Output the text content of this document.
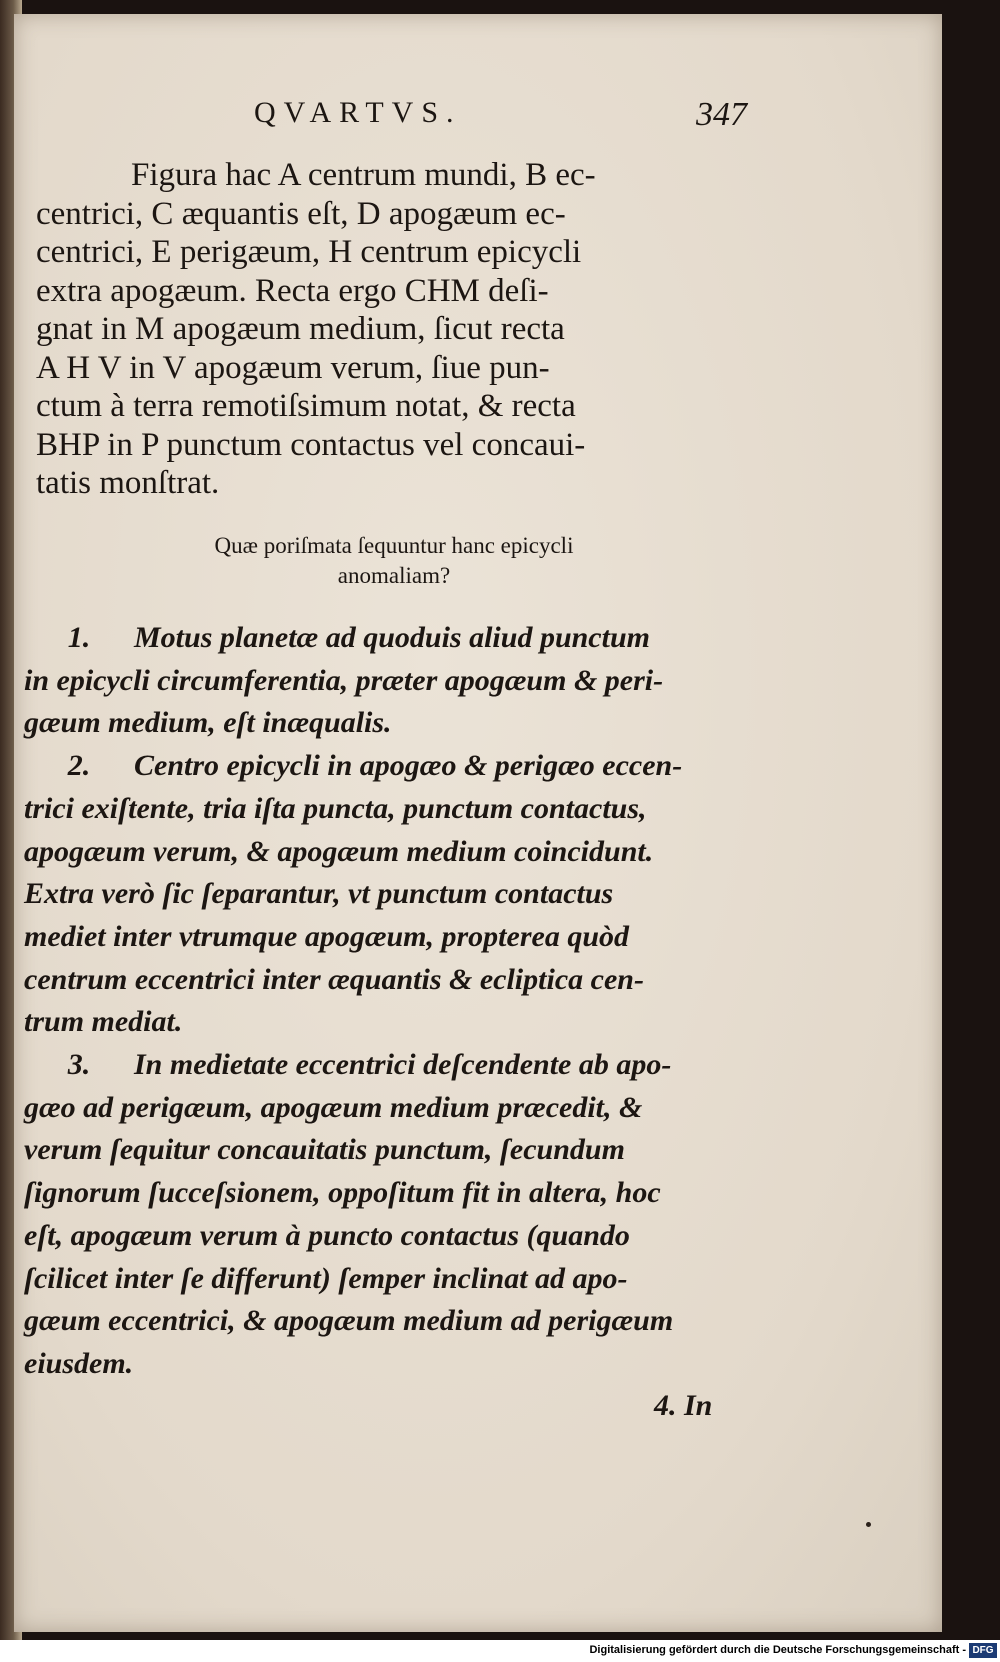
QVARTVS.	347
Figura hac A centrum mundi, B ec-
centrici, C æquantis eſt, D apogæum ec-
centrici, E perigæum, H centrum epicycli
extra apogæum. Recta ergo CHM deſi-
gnat in M apogæum medium, ſicut recta
A H V in V apogæum verum, ſiue pun-
ctum à terra remotiſsimum notat, & recta
BHP in P punctum contactus vel concaui-
tatis monſtrat.
Quæ poriſmata ſequuntur hanc epicycli
anomaliam?
1. Motus planetæ ad quoduis aliud punctum
in epicycli circumferentia, præter apogæum & peri-
gæum medium, eſt inæqualis.
2. Centro epicycli in apogæo & perigæo eccen-
trici exiſtente, tria iſta puncta, punctum contactus,
apogæum verum, & apogæum medium coincidunt.
Extra verò ſic ſeparantur, vt punctum contactus
mediet inter vtrumque apogæum, propterea quòd
centrum eccentrici inter æquantis & ecliptica cen-
trum mediat.
3. In medietate eccentrici deſcendente ab apo-
gæo ad perigæum, apogæum medium præcedit, &
verum ſequitur concauitatis punctum, ſecundum
ſignorum ſucceſsionem, oppoſitum fit in altera, hoc
eſt, apogæum verum à puncto contactus (quando
ſcilicet inter ſe differunt) ſemper inclinat ad apo-
gæum eccentrici, & apogæum medium ad perigæum
eiusdem.
4. In
Digitalisierung gefördert durch die Deutsche Forschungsgemeinschaft - DFG
